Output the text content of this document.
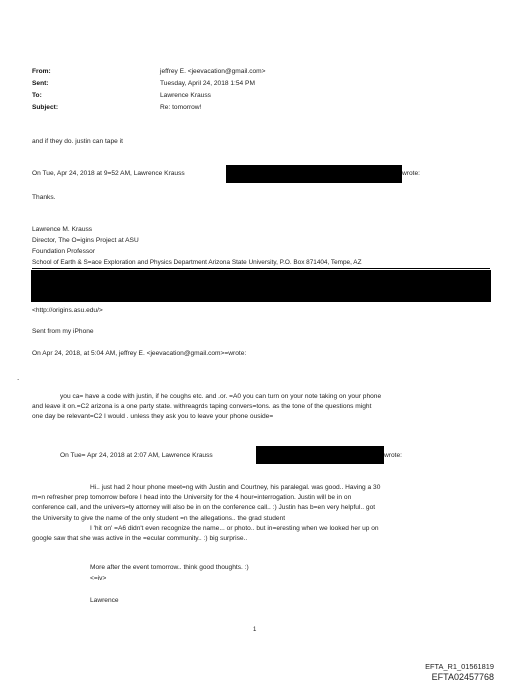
From:
Sent:
To:
Subject:
jeffrey E. <jeevacation@gmail.com>
Tuesday, April 24, 2018 1:54 PM
Lawrence Krauss
Re: tomorrow!
and if they do. justin can tape it
On Tue, Apr 24, 2018 at 9=52 AM, Lawrence Krauss	wrote:
Thanks.
Lawrence M. Krauss
Director, The O=igins Project at ASU
Foundation Professor
School of Earth & S=ace Exploration and Physics Department Arizona State University, P.O. Box 871404, Tempe, AZ
<http://origins.asu.edu/>
Sent from my iPhone
On Apr 24, 2018, at 5:04 AM, jeffrey E. <jeevacation@gmail.com>=wrote:
.
you ca= have a code with justin, if he coughs etc. and .or. =A0 you can turn on your note taking on your phone
and leave it on.=C2 arizona is a one party state. withreagrds taping convers=tons. as the tone of the questions might
one day be relevant=C2 I would . unless they ask you to leave your phone ouside=
On Tue= Apr 24, 2018 at 2:07 AM, Lawrence Krauss	wrote:
Hi.. just had 2 hour phone meet=ng with Justin and Courtney, his paralegal. was good.. Having a 30
m=n refresher prep tomorrow before I head into the University for the 4 hour=interrogation. Justin will be in on
conference call, and the univers=ty attorney will also be in on the conference call.. :) Justin has b=en very helpful.. got
the University to give the name of the only student =n the allegations.. the grad student
I 'hit on' =A6 didn't even recognize the name... or photo.. but in=eresting when we looked her up on
google saw that she was active in the =ecular community.. :) big surprise..
More after the event tomorrow.. think good thoughts. :)
<=iv>
Lawrence
1
EFTA_R1_01561819
EFTA02457768
